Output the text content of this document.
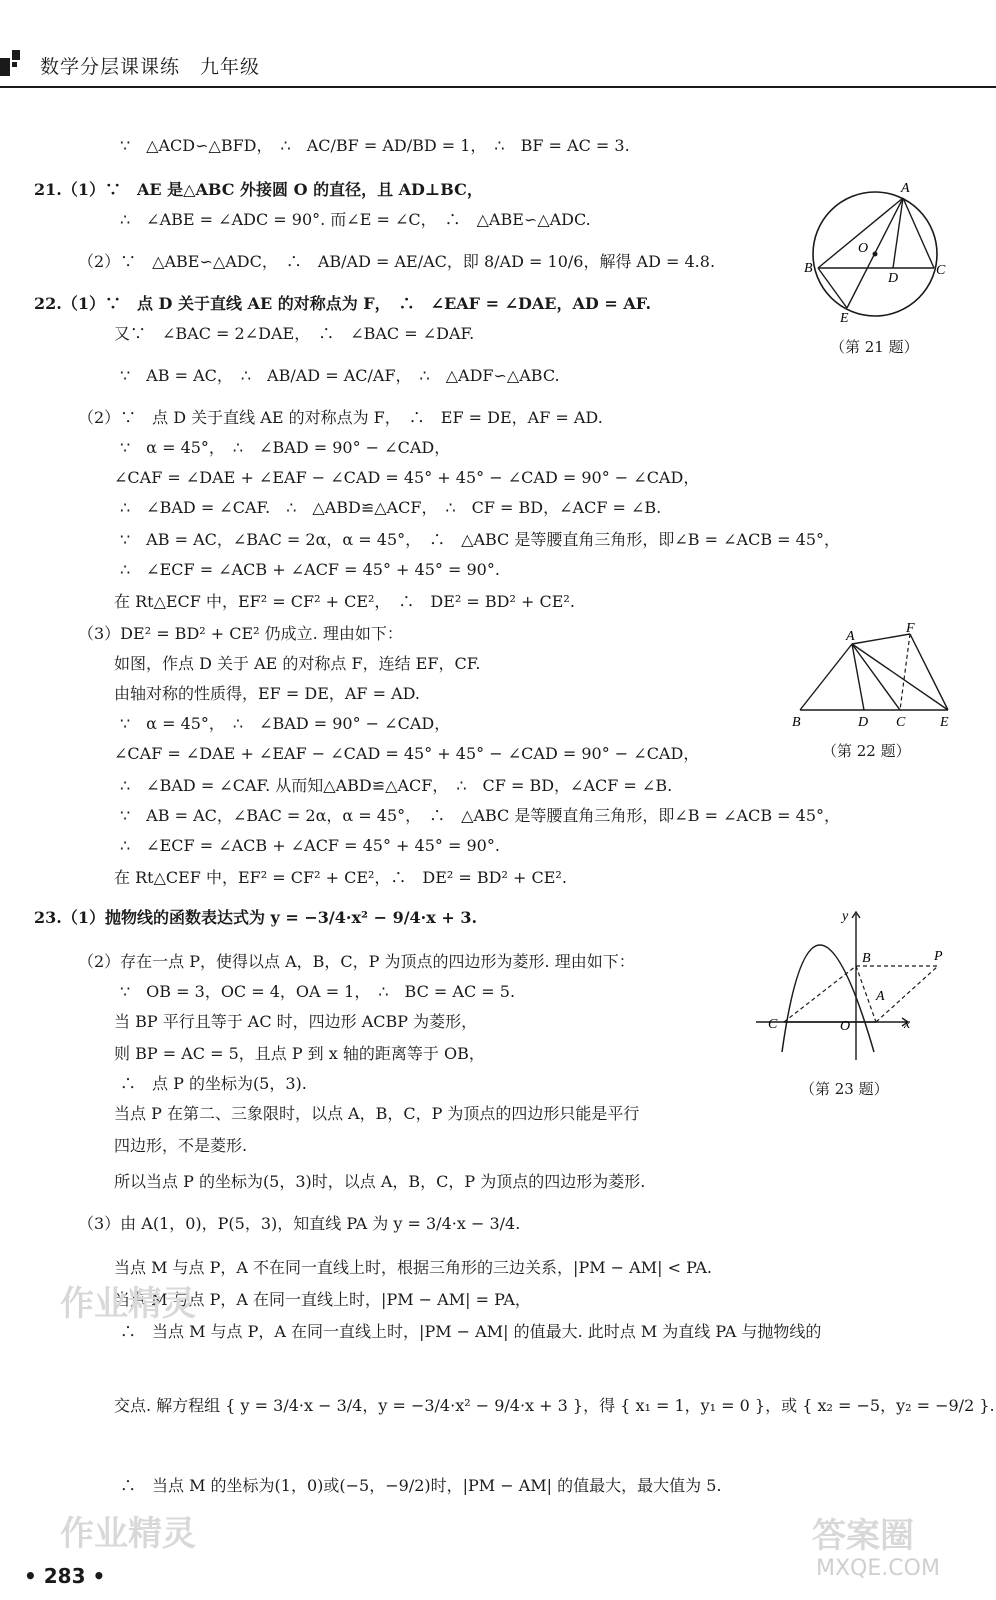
数学分层课课练　九年级
∵　△ACD∽△BFD，　∴　AC/BF = AD/BD = 1，　∴　BF = AC = 3.
21.（1）∵　AE 是△ABC 外接圆 O 的直径，且 AD⊥BC，
∴　∠ABE = ∠ADC = 90°. 而∠E = ∠C，　∴　△ABE∽△ADC.
（2）∵　△ABE∽△ADC，　∴　AB/AD = AE/AC，即 8/AD = 10/6，解得 AD = 4.8.
22.（1）∵　点 D 关于直线 AE 的对称点为 F，　∴　∠EAF = ∠DAE，AD = AF.
又∵　∠BAC = 2∠DAE，　∴　∠BAC = ∠DAF.
∵　AB = AC，　∴　AB/AD = AC/AF，　∴　△ADF∽△ABC.
（2）∵　点 D 关于直线 AE 的对称点为 F，　∴　EF = DE，AF = AD.
∵　α = 45°，　∴　∠BAD = 90° − ∠CAD，
∠CAF = ∠DAE + ∠EAF − ∠CAD = 45° + 45° − ∠CAD = 90° − ∠CAD，
∴　∠BAD = ∠CAF.　∴　△ABD≌△ACF，　∴　CF = BD，∠ACF = ∠B.
∵　AB = AC，∠BAC = 2α，α = 45°，　∴　△ABC 是等腰直角三角形，即∠B = ∠ACB = 45°，
∴　∠ECF = ∠ACB + ∠ACF = 45° + 45° = 90°.
在 Rt△ECF 中，EF² = CF² + CE²，　∴　DE² = BD² + CE².
（3）DE² = BD² + CE² 仍成立. 理由如下：
如图，作点 D 关于 AE 的对称点 F，连结 EF，CF.
由轴对称的性质得，EF = DE，AF = AD.
∵　α = 45°，　∴　∠BAD = 90° − ∠CAD，
∠CAF = ∠DAE + ∠EAF − ∠CAD = 45° + 45° − ∠CAD = 90° − ∠CAD，
∴　∠BAD = ∠CAF. 从而知△ABD≌△ACF，　∴　CF = BD，∠ACF = ∠B.
∵　AB = AC，∠BAC = 2α，α = 45°，　∴　△ABC 是等腰直角三角形，即∠B = ∠ACB = 45°，
∴　∠ECF = ∠ACB + ∠ACF = 45° + 45° = 90°.
在 Rt△CEF 中，EF² = CF² + CE²，∴　DE² = BD² + CE².
23.（1）抛物线的函数表达式为 y = −3/4·x² − 9/4·x + 3.
（2）存在一点 P，使得以点 A，B，C，P 为顶点的四边形为菱形. 理由如下：
∵　OB = 3，OC = 4，OA = 1，　∴　BC = AC = 5.
当 BP 平行且等于 AC 时，四边形 ACBP 为菱形，
则 BP = AC = 5，且点 P 到 x 轴的距离等于 OB，
∴　点 P 的坐标为(5，3).
当点 P 在第二、三象限时，以点 A，B，C，P 为顶点的四边形只能是平行
四边形，不是菱形.
所以当点 P 的坐标为(5，3)时，以点 A，B，C，P 为顶点的四边形为菱形.
（3）由 A(1，0)，P(5，3)，知直线 PA 为 y = 3/4·x − 3/4.
当点 M 与点 P，A 不在同一直线上时，根据三角形的三边关系，|PM − AM| < PA.
当点 M 与点 P，A 在同一直线上时，|PM − AM| = PA，
∴　当点 M 与点 P，A 在同一直线上时，|PM − AM| 的值最大. 此时点 M 为直线 PA 与抛物线的
交点. 解方程组 { y = 3/4·x − 3/4，y = −3/4·x² − 9/4·x + 3 }，得 { x₁ = 1，y₁ = 0 }，或 { x₂ = −5，y₂ = −9/2 }.
∴　当点 M 的坐标为(1，0)或(−5，−9/2)时，|PM − AM| 的值最大，最大值为 5.
A
O
B
D
C
E
（第 21 题）
A
F
B	D C E
（第 22 题）
y
B	P
A
C	O	x
（第 23 题）
作业精灵
作业精灵	答案圈
MXQE.COM
• 283 •
